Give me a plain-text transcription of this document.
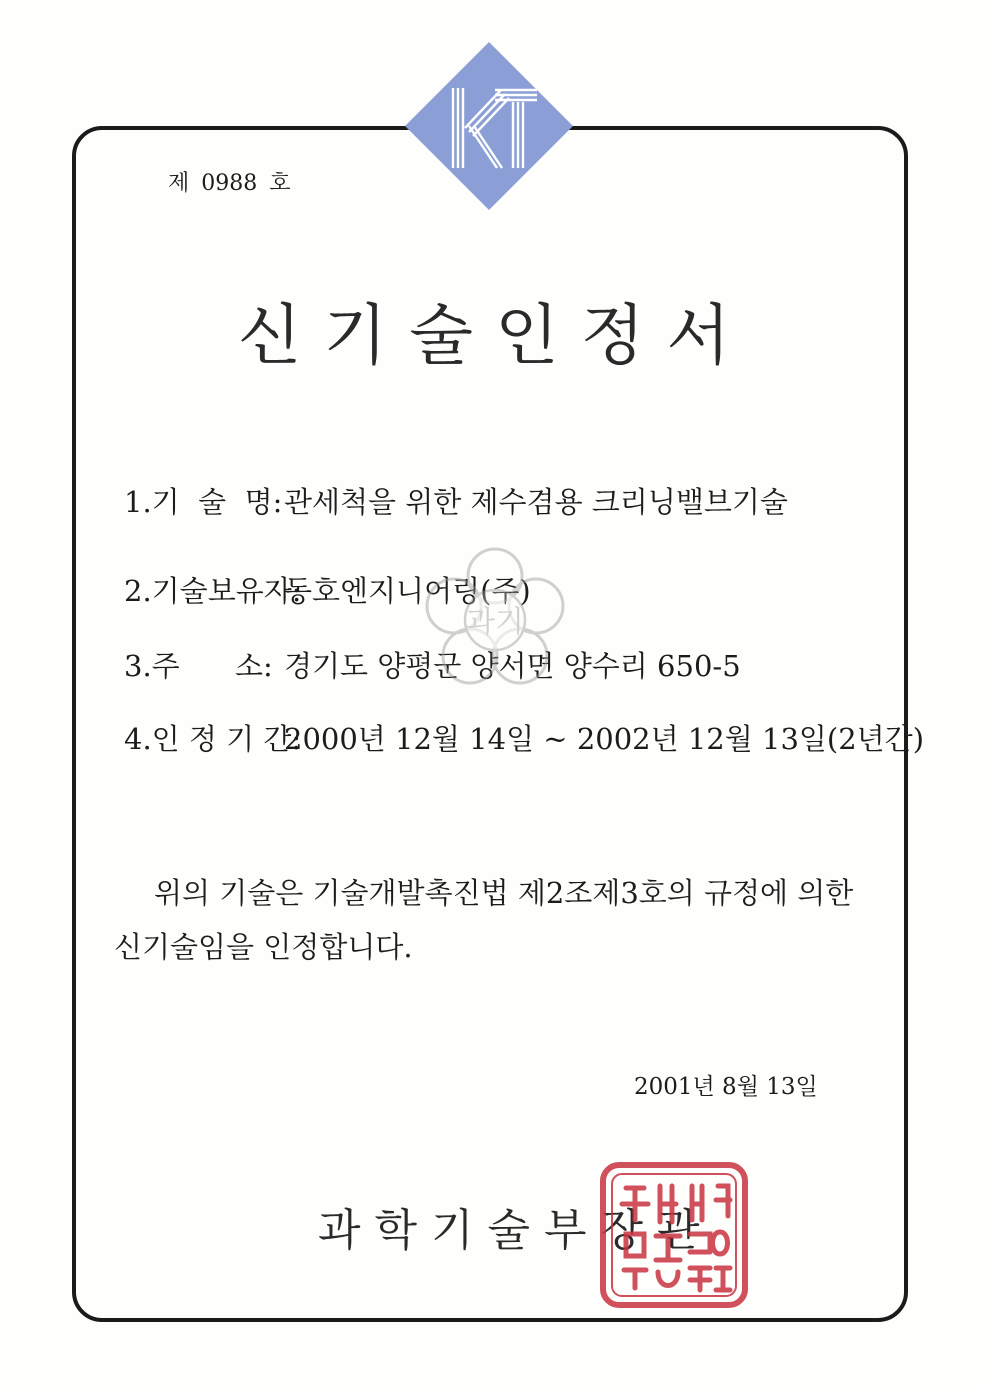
제 0988 호
신기술인정서
1.기  술  명:관세척을 위한 제수겸용 크리닝밸브기술
2.기술보유자:동호엔지니어링(주)
3.주      소: 경기도 양평군 양서면 양수리 650-5
4.인 정 기 간:2000년 12월 14일 ~ 2002년 12월 13일(2년간)
과기
위의 기술은 기술개발촉진법 제2조제3호의 규정에 의한 신기술임을 인정합니다.
2001년 8월 13일
과학기술부장관
